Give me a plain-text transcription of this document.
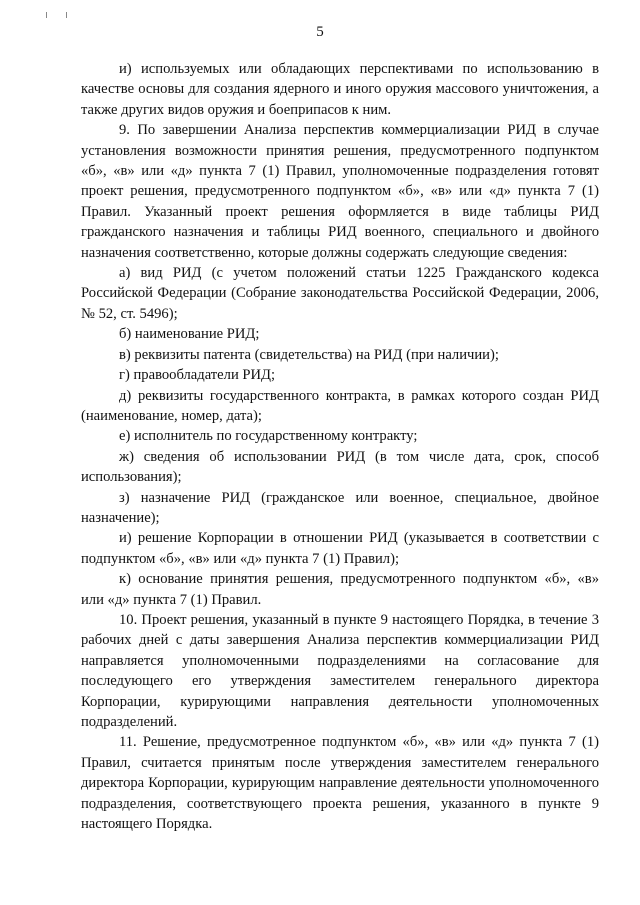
5

и) используемых или обладающих перспективами по использованию в качестве основы для создания ядерного и иного оружия массового уничтожения, а также других видов оружия и боеприпасов к ним.

9. По завершении Анализа перспектив коммерциализации РИД в случае установления возможности принятия решения, предусмотренного подпунктом «б», «в» или «д» пункта 7 (1) Правил, уполномоченные подразделения готовят проект решения, предусмотренного подпунктом «б», «в» или «д» пункта 7 (1) Правил. Указанный проект решения оформляется в виде таблицы РИД гражданского назначения и таблицы РИД военного, специального и двойного назначения соответственно, которые должны содержать следующие сведения:

а) вид РИД (с учетом положений статьи 1225 Гражданского кодекса Российской Федерации (Собрание законодательства Российской Федерации, 2006, № 52, ст. 5496);

б) наименование РИД;

в) реквизиты патента (свидетельства) на РИД (при наличии);

г) правообладатели РИД;

д) реквизиты государственного контракта, в рамках которого создан РИД (наименование, номер, дата);

е) исполнитель по государственному контракту;

ж) сведения об использовании РИД (в том числе дата, срок, способ использования);

з) назначение РИД (гражданское или военное, специальное, двойное назначение);

и) решение Корпорации в отношении РИД (указывается в соответствии с подпунктом «б», «в» или «д» пункта 7 (1) Правил);

к) основание принятия решения, предусмотренного подпунктом «б», «в» или «д» пункта 7 (1) Правил.

10. Проект решения, указанный в пункте 9 настоящего Порядка, в течение 3 рабочих дней с даты завершения Анализа перспектив коммерциализации РИД направляется уполномоченными подразделениями на согласование для последующего его утверждения заместителем генерального директора Корпорации, курирующими направления деятельности уполномоченных подразделений.

11. Решение, предусмотренное подпунктом «б», «в» или «д» пункта 7 (1) Правил, считается принятым после утверждения заместителем генерального директора Корпорации, курирующим направление деятельности уполномоченного подразделения, соответствующего проекта решения, указанного в пункте 9 настоящего Порядка.
